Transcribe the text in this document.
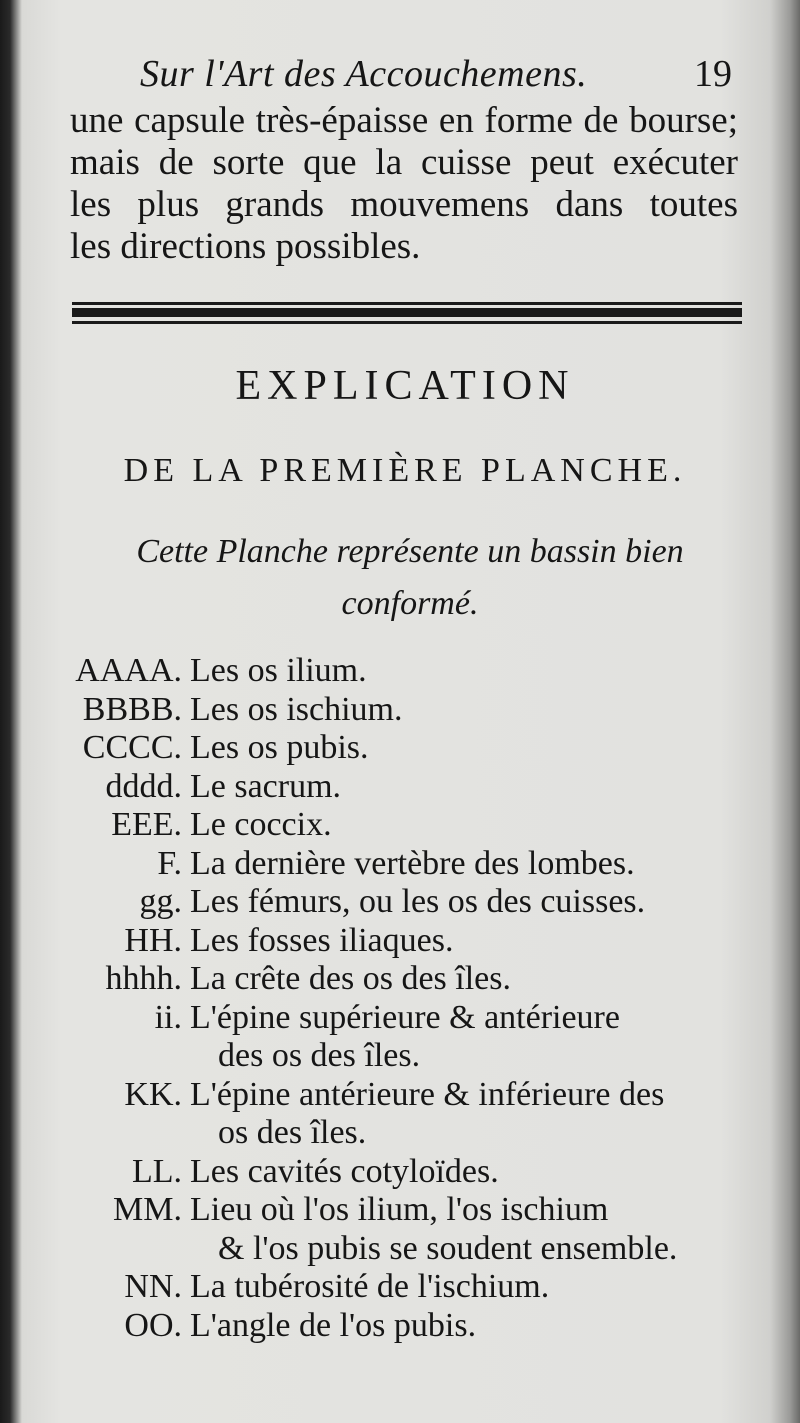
Sur l'Art des Accouchemens.	19
une capsule très-épaisse en forme de bourse;
mais de sorte que la cuisse peut exécuter
les plus grands mouvemens dans toutes
les directions possibles.
EXPLICATION
DE LA PREMIÈRE PLANCHE.
Cette Planche représente un bassin bien
conformé.
AAAA. Les os ilium.
BBBB. Les os ischium.
CCCC. Les os pubis.
dddd. Le sacrum.
EEE. Le coccix.
F. La dernière vertèbre des lombes.
gg. Les fémurs, ou les os des cuisses.
HH. Les fosses iliaques.
hhhh. La crête des os des îles.
ii. L'épine supérieure & antérieure
des os des îles.
KK. L'épine antérieure & inférieure des
os des îles.
LL. Les cavités cotyloïdes.
MM. Lieu où l'os ilium, l'os ischium
& l'os pubis se soudent ensemble.
NN. La tubérosité de l'ischium.
OO. L'angle de l'os pubis.
